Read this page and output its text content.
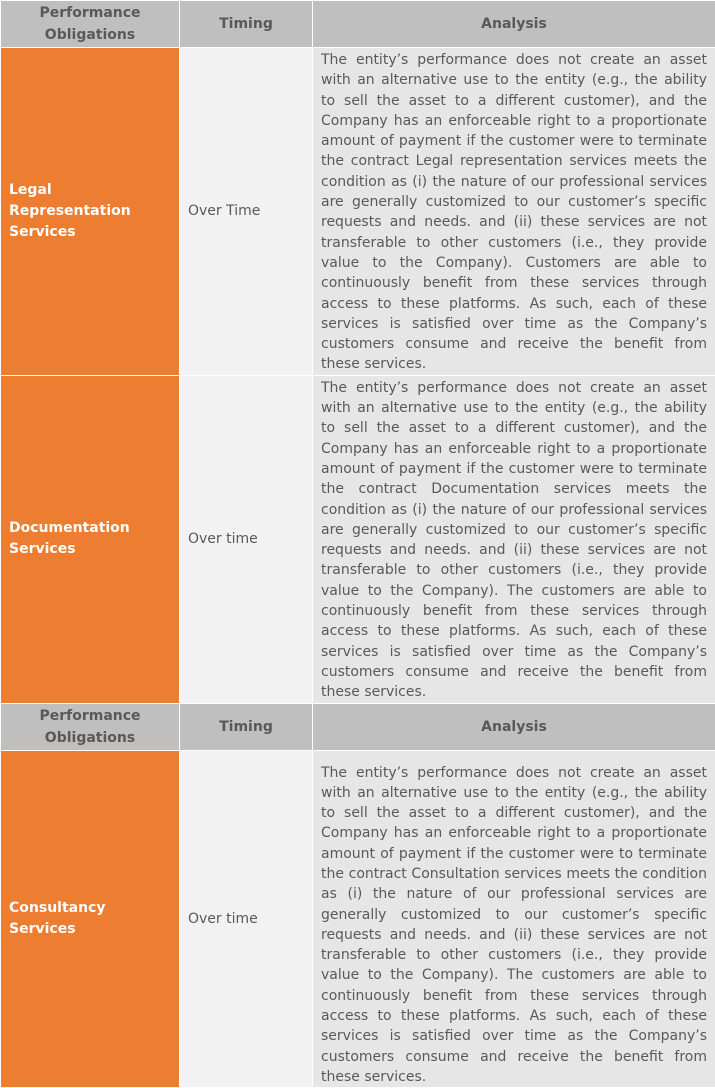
Performance Obligations	Timing	Analysis
Legal Representation Services	Over Time	The entity’s performance does not create an asset with an alternative use to the entity (e.g., the ability to sell the asset to a different customer), and the Company has an enforceable right to a proportionate amount of payment if the customer were to terminate the contract Legal representation services meets the condition as (i) the nature of our professional services are generally customized to our customer’s specific requests and needs. and (ii) these services are not transferable to other customers (i.e., they provide value to the Company). Customers are able to continuously benefit from these services through access to these platforms. As such, each of these services is satisfied over time as the Company’s customers consume and receive the benefit from these services.
Documentation Services	Over time	The entity’s performance does not create an asset with an alternative use to the entity (e.g., the ability to sell the asset to a different customer), and the Company has an enforceable right to a proportionate amount of payment if the customer were to terminate the contract Documentation services meets the condition as (i) the nature of our professional services are generally customized to our customer’s specific requests and needs. and (ii) these services are not transferable to other customers (i.e., they provide value to the Company). The customers are able to continuously benefit from these services through access to these platforms. As such, each of these services is satisfied over time as the Company’s customers consume and receive the benefit from these services.
Performance Obligations	Timing	Analysis
Consultancy Services	Over time	The entity’s performance does not create an asset with an alternative use to the entity (e.g., the ability to sell the asset to a different customer), and the Company has an enforceable right to a proportionate amount of payment if the customer were to terminate the contract Consultation services meets the condition as (i) the nature of our professional services are generally customized to our customer’s specific requests and needs. and (ii) these services are not transferable to other customers (i.e., they provide value to the Company). The customers are able to continuously benefit from these services through access to these platforms. As such, each of these services is satisfied over time as the Company’s customers consume and receive the benefit from these services.
